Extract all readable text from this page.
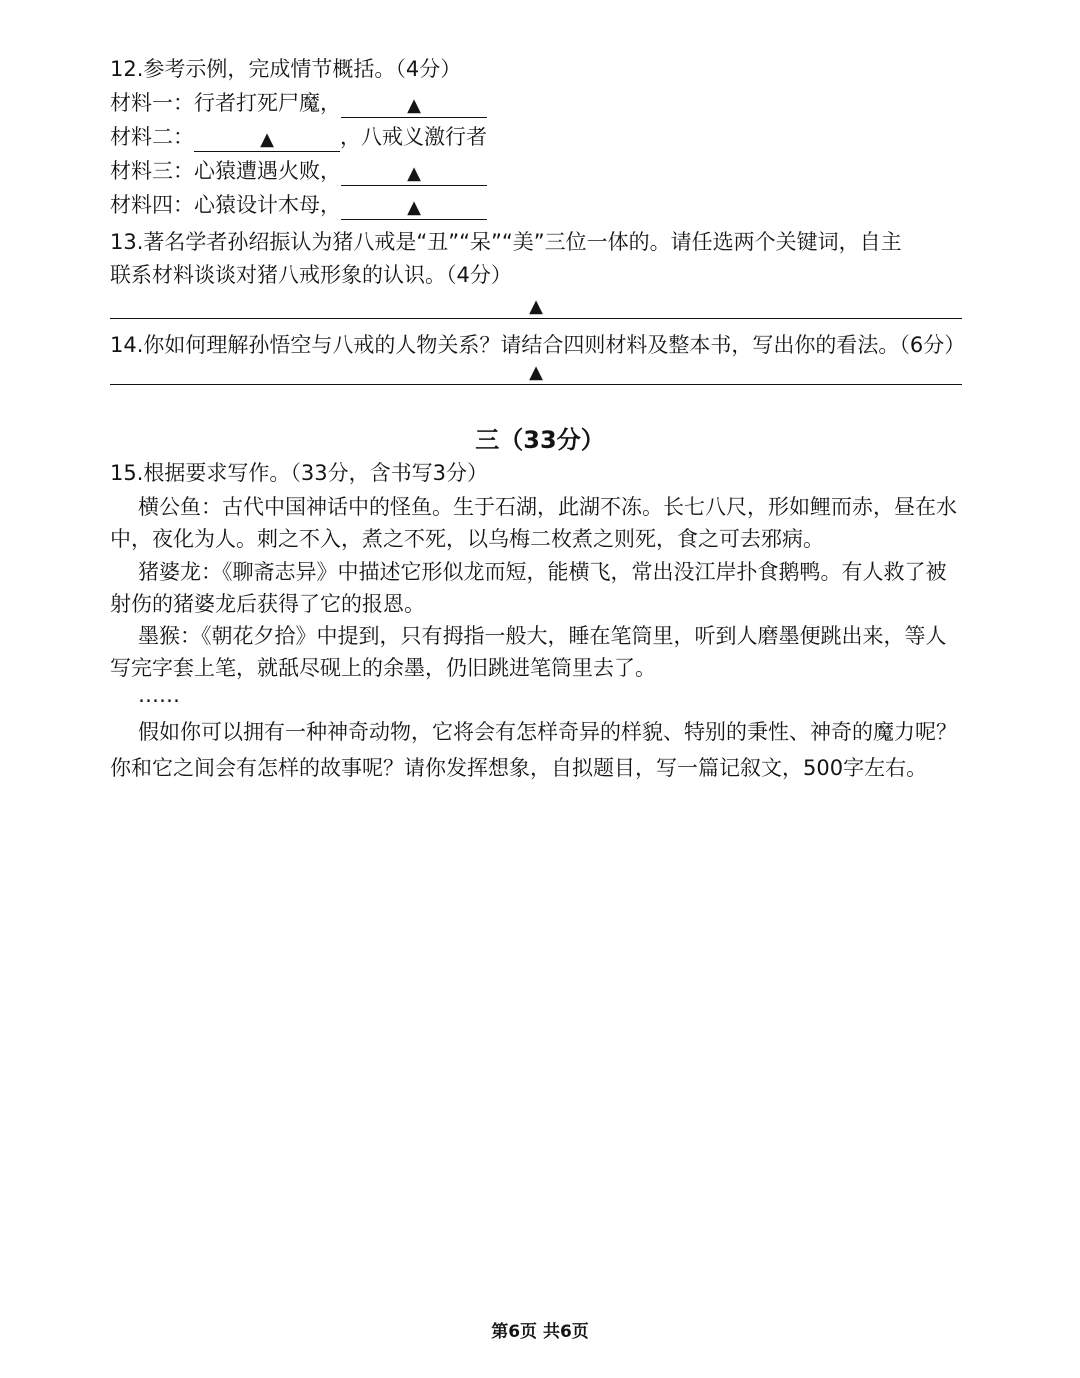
12.参考示例，完成情节概括。（4分）
材料一：行者打死尸魔，	▲
材料二：	▲	，八戒义激行者
材料三：心猿遭遇火败，	▲
材料四：心猿设计木母，	▲
13.著名学者孙绍振认为猪八戒是“丑”“呆”“美”三位一体的。请任选两个关键词，自主
联系材料谈谈对猪八戒形象的认识。（4分）
▲
14.你如何理解孙悟空与八戒的人物关系？请结合四则材料及整本书，写出你的看法。（6分）
▲
三（33分）
15.根据要求写作。（33分，含书写3分）
横公鱼：古代中国神话中的怪鱼。生于石湖，此湖不冻。长七八尺，形如鲤而赤，昼在水
中，夜化为人。刺之不入，煮之不死，以乌梅二枚煮之则死，食之可去邪病。
猪婆龙：《聊斋志异》中描述它形似龙而短，能横飞，常出没江岸扑食鹅鸭。有人救了被
射伤的猪婆龙后获得了它的报恩。
墨猴：《朝花夕拾》中提到，只有拇指一般大，睡在笔筒里，听到人磨墨便跳出来，等人
写完字套上笔，就舐尽砚上的余墨，仍旧跳进笔筒里去了。
……
假如你可以拥有一种神奇动物，它将会有怎样奇异的样貌、特别的秉性、神奇的魔力呢？
你和它之间会有怎样的故事呢？请你发挥想象，自拟题目，写一篇记叙文，500字左右。
第6页 共6页
